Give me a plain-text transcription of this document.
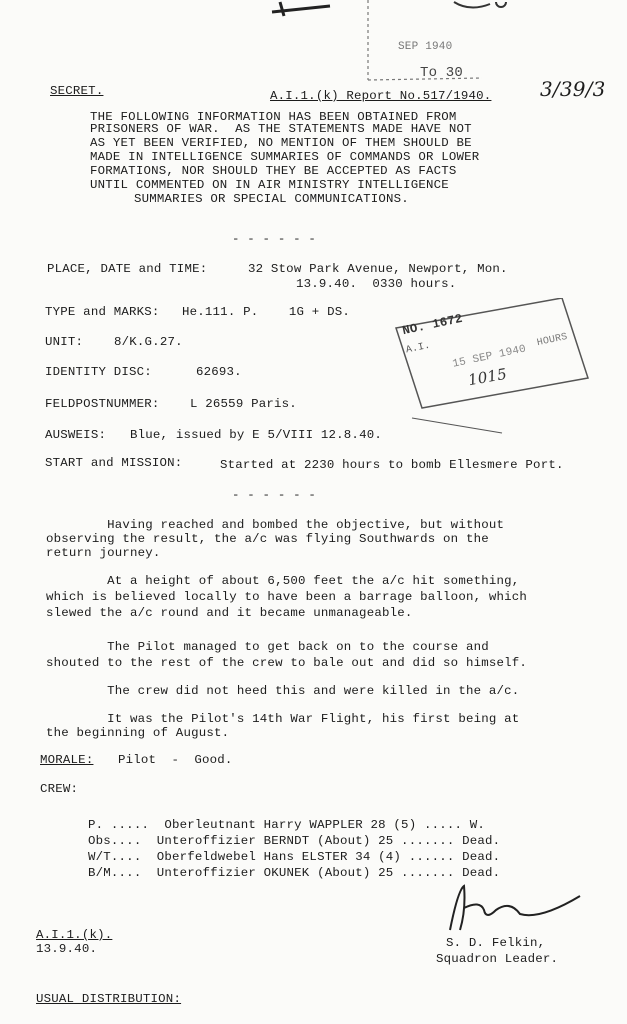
SEP 1940
To 30
SECRET.	A.I.1.(k) Report No.517/1940. 3/39/3
THE FOLLOWING INFORMATION HAS BEEN OBTAINED FROM
PRISONERS OF WAR.  AS THE STATEMENTS MADE HAVE NOT
AS YET BEEN VERIFIED, NO MENTION OF THEM SHOULD BE
MADE IN INTELLIGENCE SUMMARIES OF COMMANDS OR LOWER
FORMATIONS, NOR SHOULD THEY BE ACCEPTED AS FACTS
UNTIL COMMENTED ON IN AIR MINISTRY INTELLIGENCE
SUMMARIES OR SPECIAL COMMUNICATIONS.
- - - - - -
PLACE, DATE and TIME:	32 Stow Park Avenue, Newport, Mon.
13.9.40.  0330 hours.
TYPE and MARKS: He.111. P.    1G + DS.
UNIT: 8/K.G.27.
IDENTITY DISC:	62693.
FELDPOSTNUMMER: L 26559 Paris.
AUSWEIS: Blue, issued by E 5/VIII 12.8.40.
START and MISSION:	Started at 2230 hours to bomb Ellesmere Port.
NO. 1672
A.I. 15 SEP 1940
HOURS
1015
- - - - - -
Having reached and bombed the objective, but without
observing the result, the a/c was flying Southwards on the
return journey.
At a height of about 6,500 feet the a/c hit something,
which is believed locally to have been a barrage balloon, which
slewed the a/c round and it became unmanageable.
The Pilot managed to get back on to the course and
shouted to the rest of the crew to bale out and did so himself.
The crew did not heed this and were killed in the a/c.
It was the Pilot's 14th War Flight, his first being at
the beginning of August.
MORALE: Pilot  -  Good.
CREW:
P. .....  Oberleutnant Harry WAPPLER 28 (5) ..... W.
Obs....  Unteroffizier BERNDT (About) 25 ....... Dead.
W/T....  Oberfeldwebel Hans ELSTER 34 (4) ...... Dead.
B/M....  Unteroffizier OKUNEK (About) 25 ....... Dead.
A.I.1.(k).
13.9.40.	S. D. Felkin,
Squadron Leader.
USUAL DISTRIBUTION:
